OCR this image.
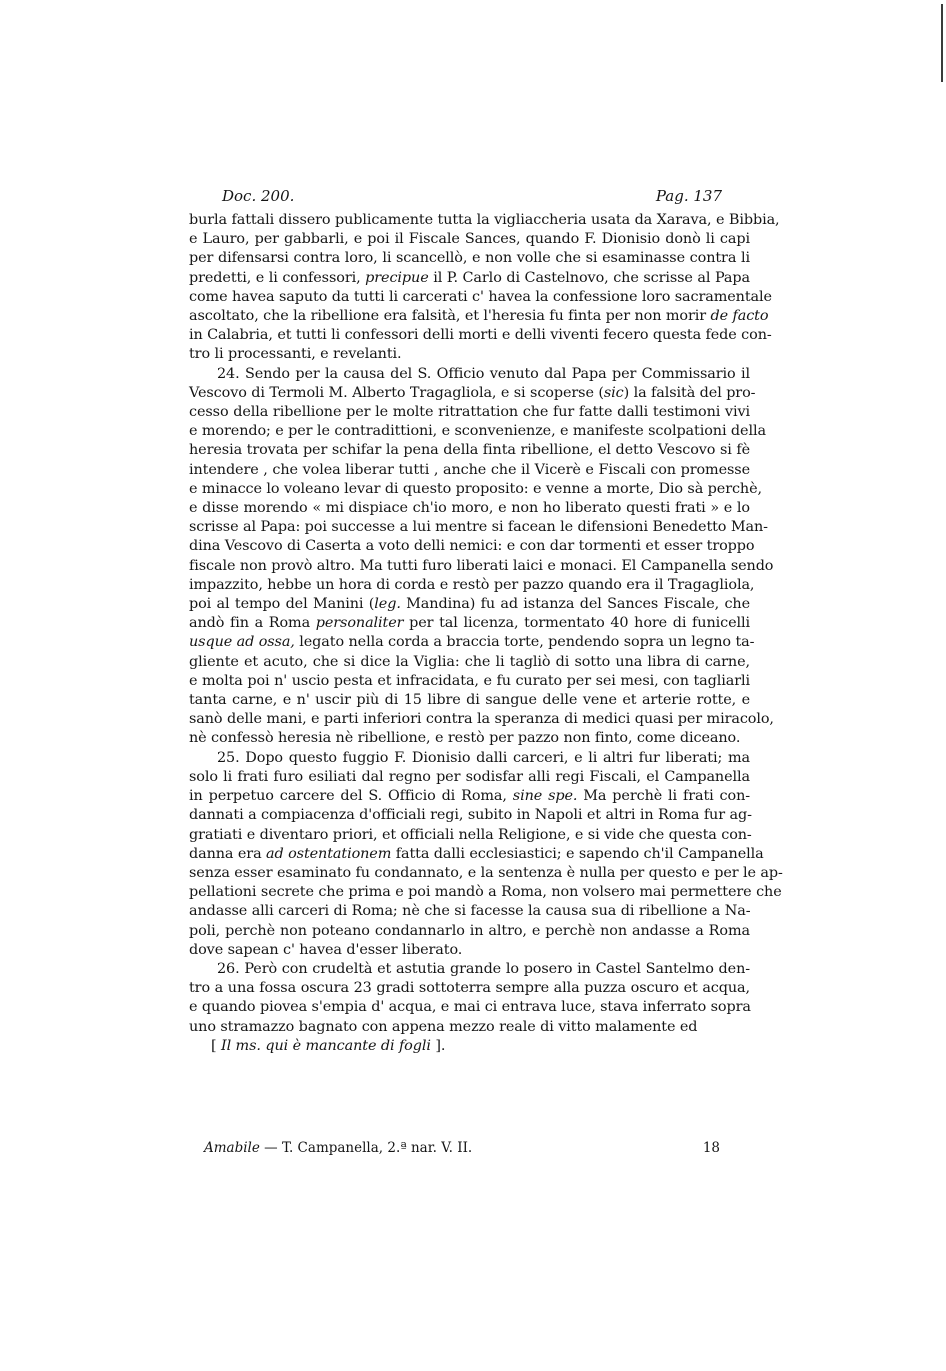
Doc. 200.	Pag. 137
burla fattali dissero publicamente tutta la vigliaccheria usata da Xarava, e Bibbia,
e Lauro, per gabbarli, e poi il Fiscale Sances, quando F. Dionisio donò li capi
per difensarsi contra loro, li scancellò, e non volle che si esaminasse contra li
predetti, e li confessori, precipue il P. Carlo di Castelnovo, che scrisse al Papa
come havea saputo da tutti li carcerati c' havea la confessione loro sacramentale
ascoltato, che la ribellione era falsità, et l'heresia fu finta per non morir de facto
in Calabria, et tutti li confessori delli morti e delli viventi fecero questa fede con-
tro li processanti, e revelanti.
24. Sendo per la causa del S. Officio venuto dal Papa per Commissario il
Vescovo di Termoli M. Alberto Tragagliola, e si scoperse (sic) la falsità del pro-
cesso della ribellione per le molte ritrattation che fur fatte dalli testimoni vivi
e morendo; e per le contradittioni, e sconvenienze, e manifeste scolpationi della
heresia trovata per schifar la pena della finta ribellione, el detto Vescovo si fè
intendere , che volea liberar tutti , anche che il Vicerè e Fiscali con promesse
e minacce lo voleano levar di questo proposito: e venne a morte, Dio sà perchè,
e disse morendo « mi dispiace ch'io moro, e non ho liberato questi frati » e lo
scrisse al Papa: poi successe a lui mentre si facean le difensioni Benedetto Man-
dina Vescovo di Caserta a voto delli nemici: e con dar tormenti et esser troppo
fiscale non provò altro. Ma tutti furo liberati laici e monaci. El Campanella sendo
impazzito, hebbe un hora di corda e restò per pazzo quando era il Tragagliola,
poi al tempo del Manini (leg. Mandina) fu ad istanza del Sances Fiscale, che
andò fin a Roma personaliter per tal licenza, tormentato 40 hore di funicelli
usque ad ossa, legato nella corda a braccia torte, pendendo sopra un legno ta-
gliente et acuto, che si dice la Viglia: che li tagliò di sotto una libra di carne,
e molta poi n' uscio pesta et infracidata, e fu curato per sei mesi, con tagliarli
tanta carne, e n' uscir più di 15 libre di sangue delle vene et arterie rotte, e
sanò delle mani, e parti inferiori contra la speranza di medici quasi per miracolo,
nè confessò heresia nè ribellione, e restò per pazzo non finto, come diceano.
25. Dopo questo fuggio F. Dionisio dalli carceri, e li altri fur liberati; ma
solo li frati furo esiliati dal regno per sodisfar alli regi Fiscali, el Campanella
in perpetuo carcere del S. Officio di Roma, sine spe. Ma perchè li frati con-
dannati a compiacenza d'officiali regi, subito in Napoli et altri in Roma fur ag-
gratiati e diventaro priori, et officiali nella Religione, e si vide che questa con-
danna era ad ostentationem fatta dalli ecclesiastici; e sapendo ch'il Campanella
senza esser esaminato fu condannato, e la sentenza è nulla per questo e per le ap-
pellationi secrete che prima e poi mandò a Roma, non volsero mai permettere che
andasse alli carceri di Roma; nè che si facesse la causa sua di ribellione a Na-
poli, perchè non poteano condannarlo in altro, e perchè non andasse a Roma
dove sapean c' havea d'esser liberato.
26. Però con crudeltà et astutia grande lo posero in Castel Santelmo den-
tro a una fossa oscura 23 gradi sottoterra sempre alla puzza oscuro et acqua,
e quando piovea s'empia d' acqua, e mai ci entrava luce, stava inferrato sopra
uno stramazzo bagnato con appena mezzo reale di vitto malamente ed
[ Il ms. qui è mancante di fogli ].
Amabile — T. Campanella, 2.ª nar. V. II.	18
